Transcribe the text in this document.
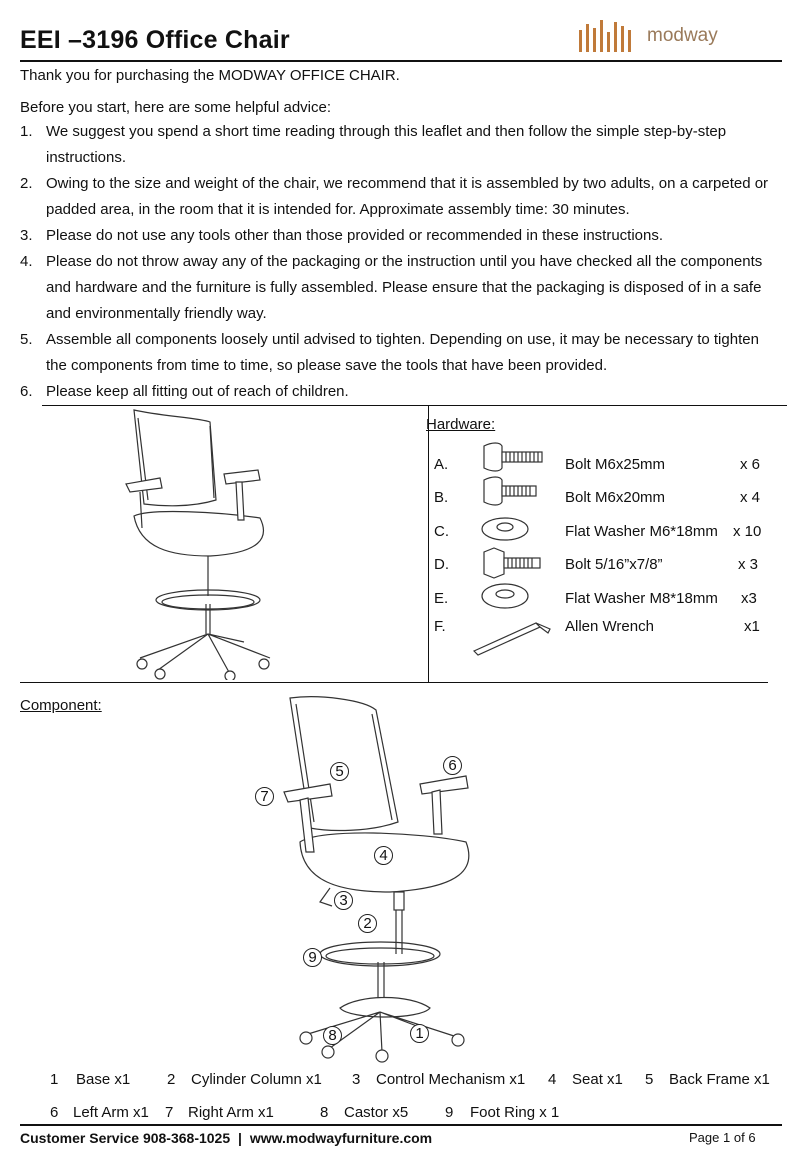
EEI –3196 Office Chair	modway
Thank you for purchasing the MODWAY OFFICE CHAIR.
Before you start, here are some helpful advice:
1. We suggest you spend a short time reading through this leaflet and then follow the simple step-by-step
instructions.
2. Owing to the size and weight of the chair, we recommend that it is assembled by two adults, on a carpeted or
padded area, in the room that it is intended for. Approximate assembly time: 30 minutes.
3. Please do not use any tools other than those provided or recommended in these instructions.
4. Please do not throw away any of the packaging or the instruction until you have checked all the components
and hardware and the furniture is fully assembled. Please ensure that the packaging is disposed of in a safe
and environmentally friendly way.
5. Assemble all components loosely until advised to tighten. Depending on use, it may be necessary to tighten
the components from time to time, so please save the tools that have been provided.
6. Please keep all fitting out of reach of children.
Hardware:
A.	Bolt M6x25mm	x 6
B.	Bolt M6x20mm	x 4
C.	Flat Washer M6*18mm x 10
D.	Bolt 5/16”x7/8”	x 3
E.	Flat Washer M8*18mm x3
F.	Allen Wrench	x1
Component:
1
2
3
4
5	6
7
8
9
1 Base x1 2 Cylinder Column x1 3 Control Mechanism x1 4 Seat x1 5 Back Frame x1
6 Left Arm x1 7 Right Arm x1	8 Castor x5 9 Foot Ring x 1
Customer Service 908-368-1025 | www.modwayfurniture.com	Page 1 of 6
